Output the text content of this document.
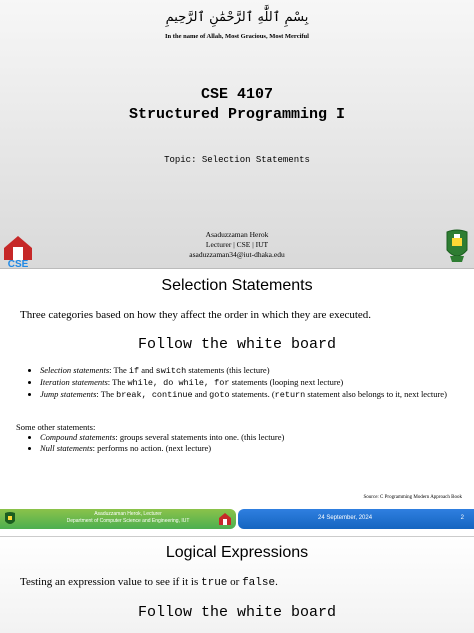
بِسْمِ ٱللَّٰهِ ٱلرَّحْمَٰنِ ٱلرَّحِيمِ
In the name of Allah, Most Gracious, Most Merciful
CSE 4107
Structured Programming I
Topic: Selection Statements
Asaduzzaman Herok
Lecturer | CSE | IUT
asaduzzaman34@iut-dhaka.edu
CSE
Selection Statements
Three categories based on how they affect the order in which they are executed.
Follow the white board
• Selection statements: The if and switch statements (this lecture)
• Iteration statements: The while, do while, for statements (looping next lecture)
• Jump statements: The break, continue and goto statements. (return statement also belongs to it, next lecture)
Some other statements:
• Compound statements: groups several statements into one. (this lecture)
• Null statements: performs no action. (next lecture)
Source: C Programming Modern Approach Book
Asaduzzaman Herok, Lecturer
Department of Computer Science and Engineering, IUT	24 September, 2024	2
Logical Expressions
Testing an expression value to see if it is true or false.
Follow the white board
